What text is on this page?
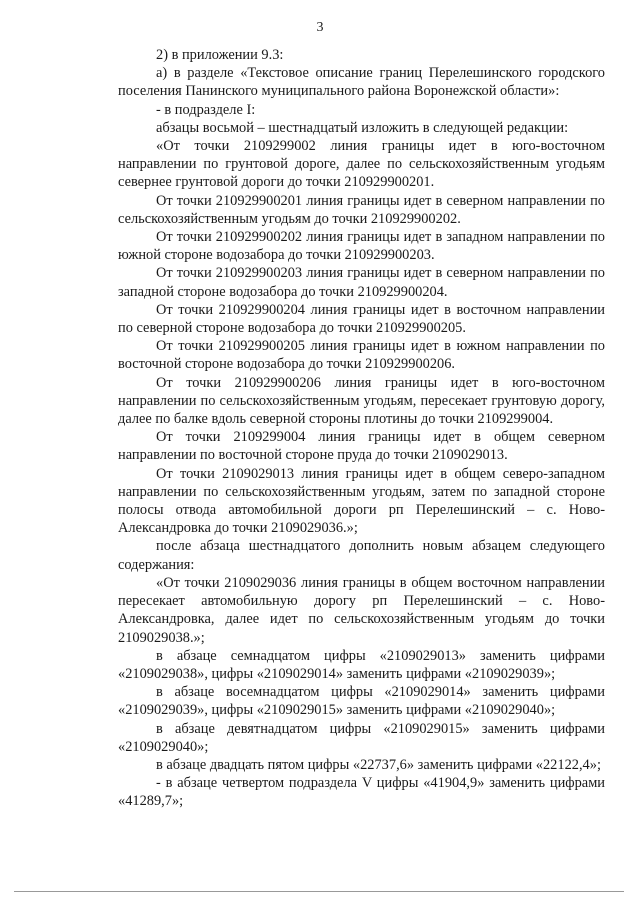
3

2) в приложении 9.3:

а) в разделе «Текстовое описание границ Перелешинского городского поселения Панинского муниципального района Воронежской области»:

- в подразделе I:

абзацы восьмой – шестнадцатый изложить в следующей редакции:

«От точки 2109299002 линия границы идет в юго-восточном направлении по грунтовой дороге, далее по сельскохозяйственным угодьям севернее грунтовой дороги до точки 210929900201.

От точки 210929900201 линия границы идет в северном направлении по сельскохозяйственным угодьям до точки 210929900202.

От точки 210929900202 линия границы идет в западном направлении по южной стороне водозабора до точки 210929900203.

От точки 210929900203 линия границы идет в северном направлении по западной стороне водозабора до точки 210929900204.

От точки 210929900204 линия границы идет в восточном направлении по северной стороне водозабора до точки 210929900205.

От точки 210929900205 линия границы идет в южном направлении по восточной стороне водозабора до точки 210929900206.

От точки 210929900206 линия границы идет в юго-восточном направлении по сельскохозяйственным угодьям, пересекает грунтовую дорогу, далее по балке вдоль северной стороны плотины до точки 2109299004.

От точки 2109299004 линия границы идет в общем северном направлении по восточной стороне пруда до точки 2109029013.

От точки 2109029013 линия границы идет в общем северо-западном направлении по сельскохозяйственным угодьям, затем по западной стороне полосы отвода автомобильной дороги рп Перелешинский – с. Ново-Александровка до точки 2109029036.»;

после абзаца шестнадцатого дополнить новым абзацем следующего содержания:

«От точки 2109029036 линия границы в общем восточном направлении пересекает автомобильную дорогу рп Перелешинский – с. Ново-Александровка, далее идет по сельскохозяйственным угодьям до точки 2109029038.»;

в абзаце семнадцатом цифры «2109029013» заменить цифрами «2109029038», цифры «2109029014» заменить цифрами «2109029039»;

в абзаце восемнадцатом цифры «2109029014» заменить цифрами «2109029039», цифры «2109029015» заменить цифрами «2109029040»;

в абзаце девятнадцатом цифры «2109029015» заменить цифрами «2109029040»;

в абзаце двадцать пятом цифры «22737,6» заменить цифрами «22122,4»;

- в абзаце четвертом подраздела V цифры «41904,9» заменить цифрами «41289,7»;
